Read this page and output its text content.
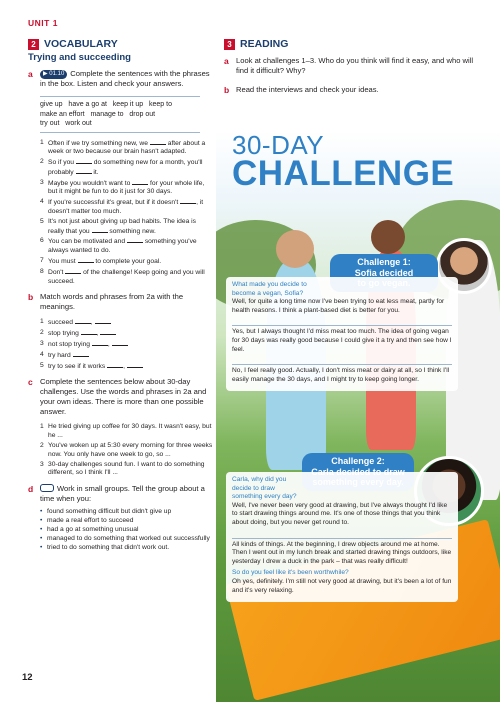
UNIT 1
2 VOCABULARY
Trying and succeeding
a	▶ 01.10 Complete the sentences with the phrases in the box. Listen and check your answers.
give up have a go at keep it up keep to
make an effort manage to drop out
try out work out
1 Often if we try something new, we	after about a week or two because our brain hasn't adapted.
2 So if you	do something new for a month, you'll probably	it.
3 Maybe you wouldn't want to	for your whole life, but it might be fun to do it just for 30 days.
4 If you're successful it's great, but if it doesn't	, it doesn't matter too much.
5 It's not just about giving up bad habits. The idea is really that you	something new.
6 You can be motivated and	something you've always wanted to do.
7 You must	to complete your goal.
8 Don't	of the challenge! Keep going and you will succeed.
b Match words and phrases from 2a with the meanings.
1 succeed	,
2 stop trying	,
3 not stop trying	,
4 try hard
5 try to see if it works	,
c Complete the sentences below about 30-day challenges. Use the words and phrases in 2a and your own ideas. There is more than one possible answer.
1 He tried giving up coffee for 30 days. It wasn't easy, but he ...
2 You've woken up at 5:30 every morning for three weeks now. You only have one week to go, so ...
3 30-day challenges sound fun. I want to do something different, so I think I'll ...
d	Work in small groups. Tell the group about a time when you:
• found something difficult but didn't give up
• made a real effort to succeed
• had a go at something unusual
• managed to do something that worked out successfully
• tried to do something that didn't work out.
12
3 READING
a Look at challenges 1–3. Who do you think will find it easy, and who will find it difficult? Why?
b Read the interviews and check your ideas.
30-DAY
CHALLENGE
Challenge 1:
Sofia decided
What made you decide to become a vegan, Sofia?
Well, for quite a long time now I've been trying to eat less meat, partly for health reasons. I think a plant-based diet is better for you.
Yes, but I always thought I'd miss meat too much. The idea of going vegan for 30 days was really good because I could give it a try and then see how I feel.
No, I feel really good. Actually, I don't miss meat or dairy at all, so I think I'll easily manage the 30 days, and I might try to keep going longer.
Challenge 2:
Carla, why did you decide to draw something every day?
Well, I've never been very good at drawing, but I've always thought I'd like to start drawing things around me. It's one of those things that you think about doing, but you never get round to.
All kinds of things. At the beginning, I drew objects around me at home. Then I went out in my lunch break and started drawing things outdoors, like yesterday I drew a duck in the park – that was really difficult!
So do you feel like it's been worthwhile?
Oh yes, definitely. I'm still not very good at drawing, but it's been a lot of fun and it's very relaxing.
